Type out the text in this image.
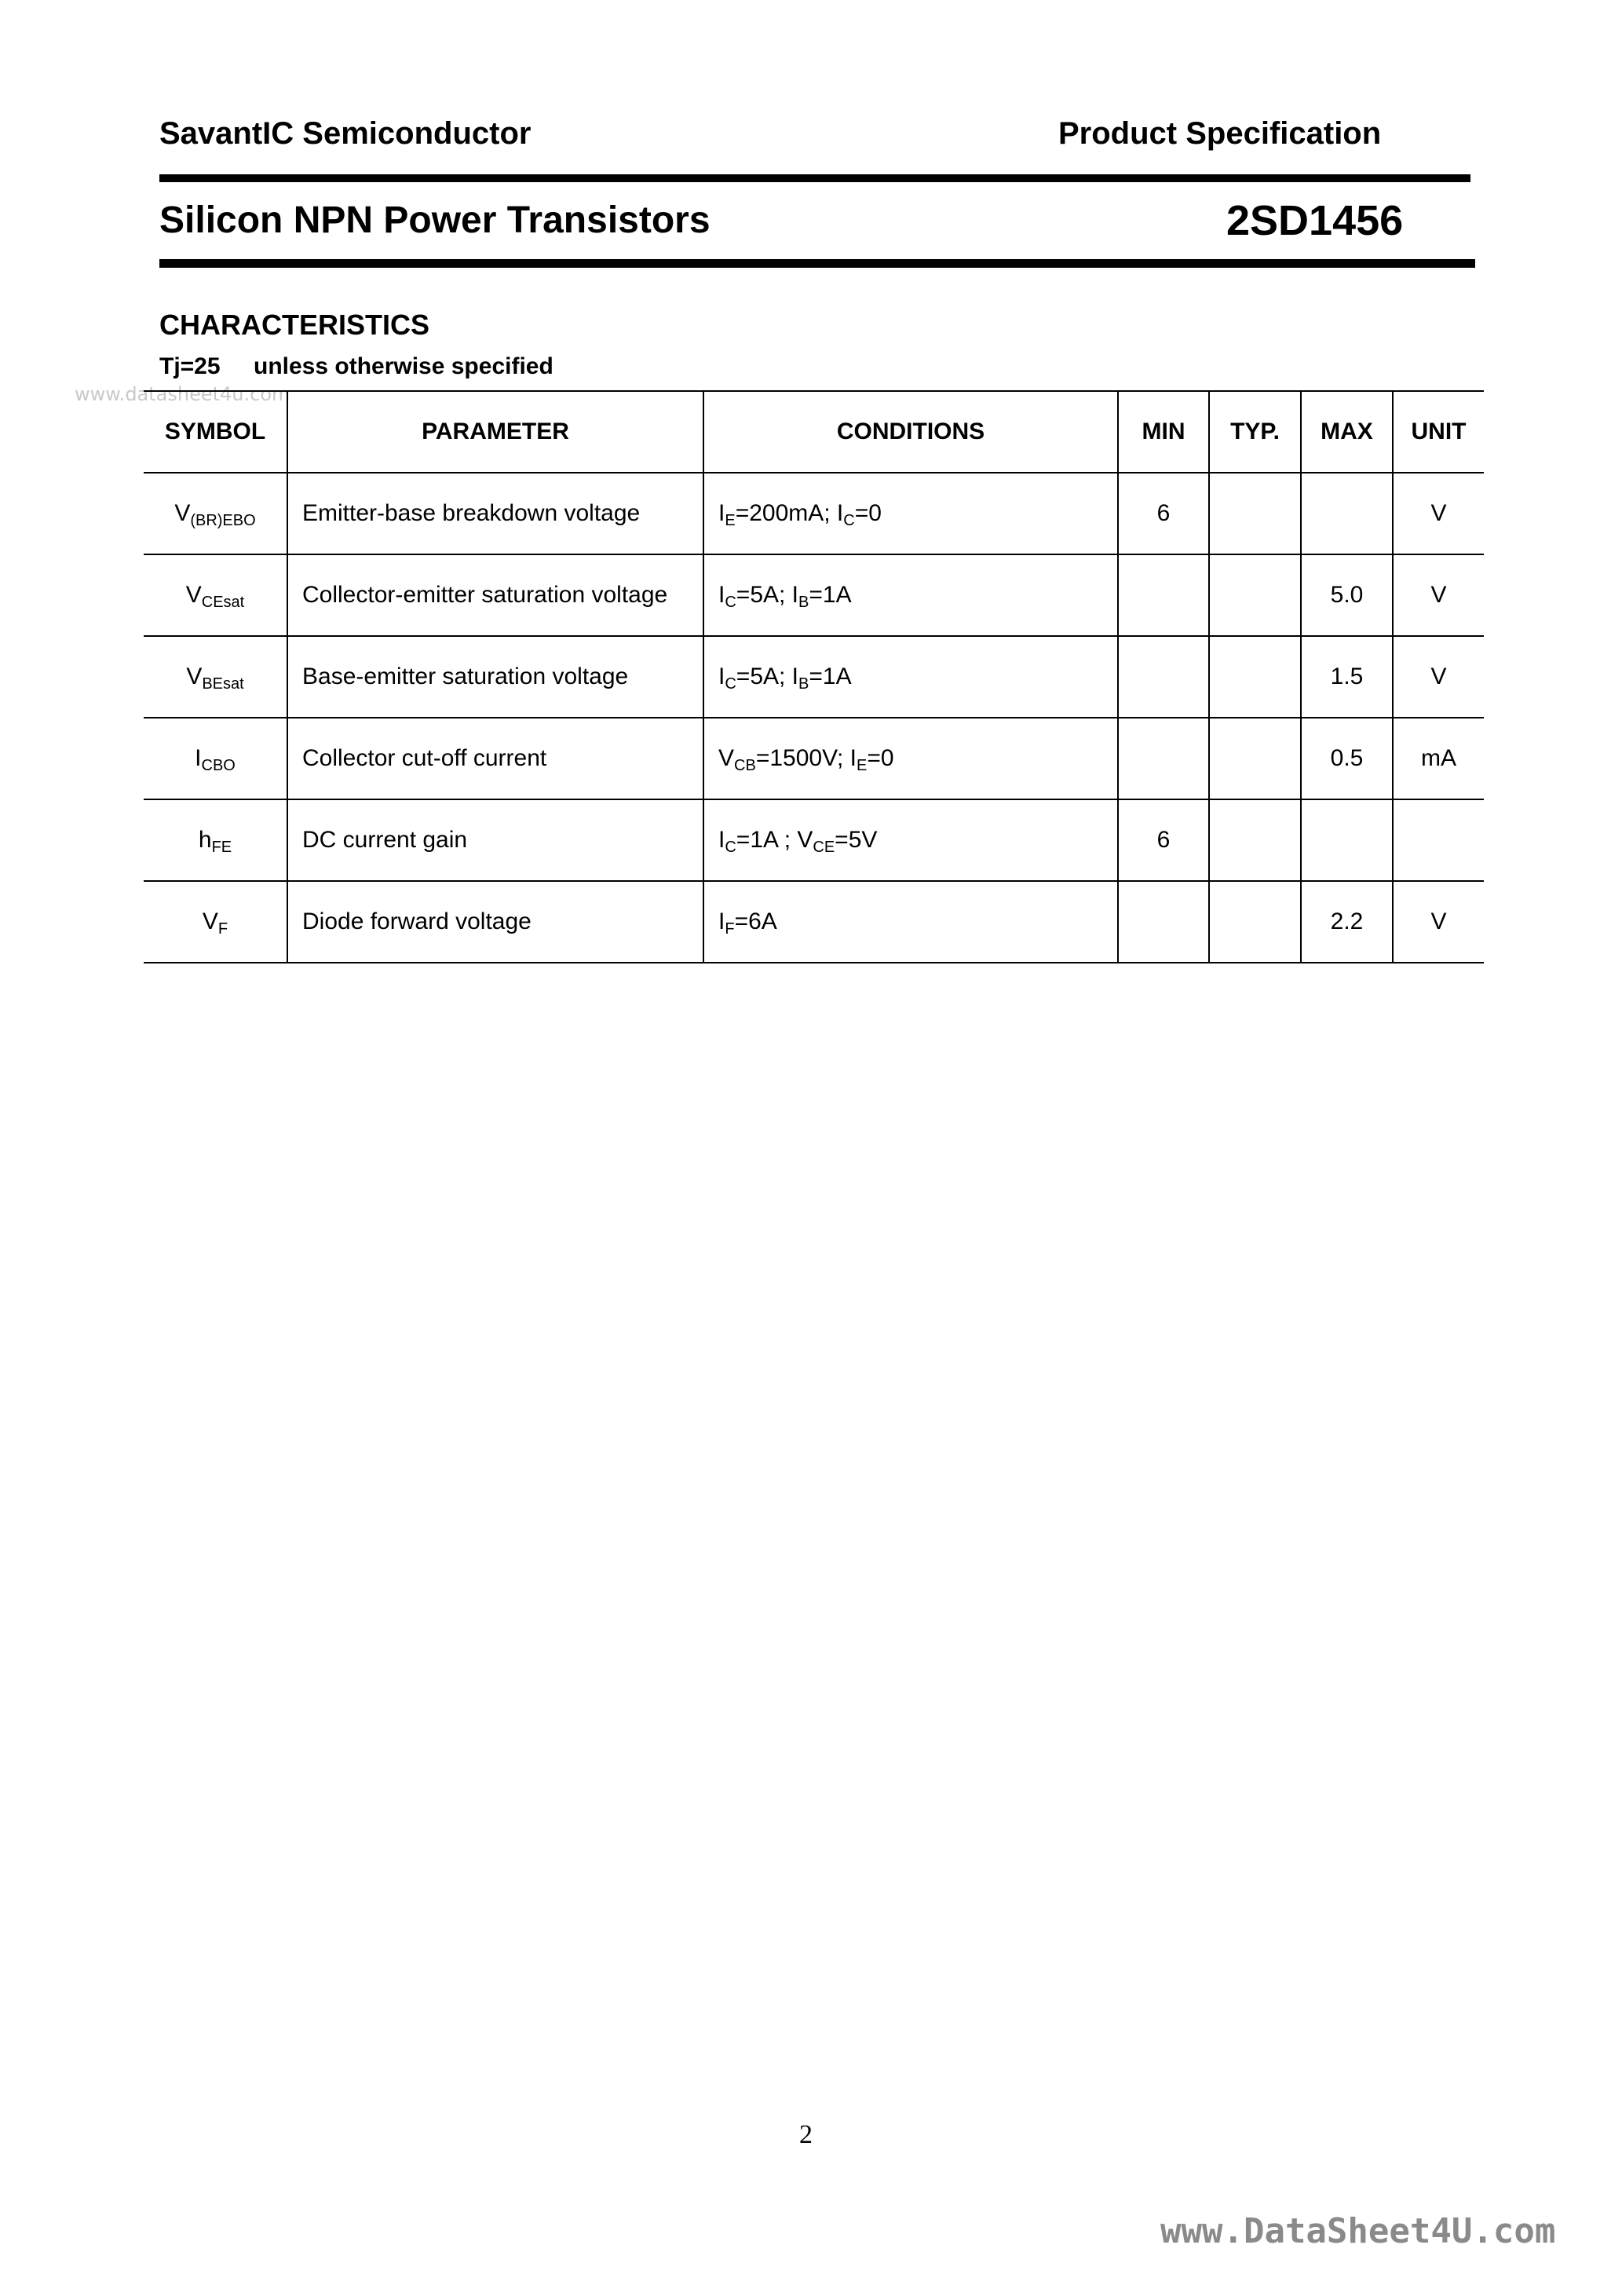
SavantIC Semiconductor	Product Specification
Silicon NPN Power Transistors	2SD1456
CHARACTERISTICS
Tj=25 unless otherwise specified
www.datasheet4u.com
SYMBOL	PARAMETER	CONDITIONS	MIN	TYP.	MAX	UNIT
$V_{(BR)EBO}$	Emitter-base breakdown voltage	$I_E=200mA$; $I_C=0$	6			V
$V_{CEsat}$	Collector-emitter saturation voltage	$I_C=5A$; $I_B=1A$			5.0	V
$V_{BEsat}$	Base-emitter saturation voltage	$I_C=5A$; $I_B=1A$			1.5	V
$I_{CBO}$	Collector cut-off current	$V_{CB}=1500V$; $I_E=0$			0.5	mA
$h_{FE}$	DC current gain	$I_C=1A$ ; $V_{CE}=5V$	6			
$V_F$	Diode forward voltage	$I_F=6A$			2.2	V
2
www.DataSheet4U.com
